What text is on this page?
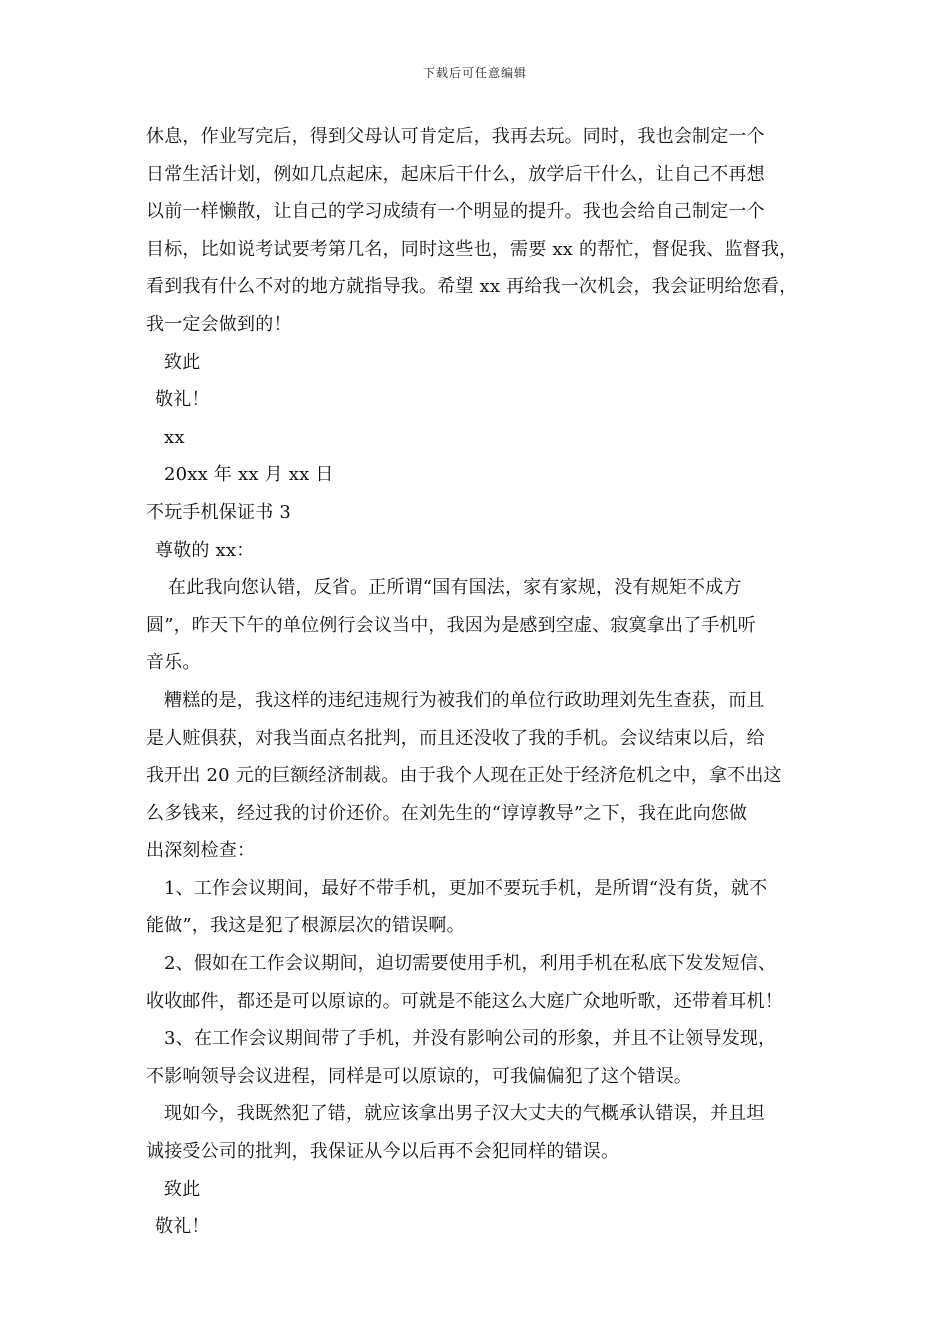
下载后可任意编辑
休息，作业写完后，得到父母认可肯定后，我再去玩。同时，我也会制定一个
日常生活计划，例如几点起床，起床后干什么，放学后干什么，让自己不再想
以前一样懒散，让自己的学习成绩有一个明显的提升。我也会给自己制定一个
目标，比如说考试要考第几名，同时这些也，需要 xx 的帮忙，督促我、监督我，
看到我有什么不对的地方就指导我。希望 xx 再给我一次机会，我会证明给您看，
我一定会做到的！
致此
敬礼！
xx
20xx 年 xx 月 xx 日
不玩手机保证书 3
尊敬的 xx：
在此我向您认错，反省。正所谓“国有国法，家有家规，没有规矩不成方
圆”，昨天下午的单位例行会议当中，我因为是感到空虚、寂寞拿出了手机听
音乐。
糟糕的是，我这样的违纪违规行为被我们的单位行政助理刘先生查获，而且
是人赃俱获，对我当面点名批判，而且还没收了我的手机。会议结束以后，给
我开出 20 元的巨额经济制裁。由于我个人现在正处于经济危机之中，拿不出这
么多钱来，经过我的讨价还价。在刘先生的“谆谆教导”之下，我在此向您做
出深刻检查：
1、工作会议期间，最好不带手机，更加不要玩手机，是所谓“没有货，就不
能做”，我这是犯了根源层次的错误啊。
2、假如在工作会议期间，迫切需要使用手机，利用手机在私底下发发短信、
收收邮件，都还是可以原谅的。可就是不能这么大庭广众地听歌，还带着耳机！
3、在工作会议期间带了手机，并没有影响公司的形象，并且不让领导发现，
不影响领导会议进程，同样是可以原谅的，可我偏偏犯了这个错误。
现如今，我既然犯了错，就应该拿出男子汉大丈夫的气概承认错误，并且坦
诚接受公司的批判，我保证从今以后再不会犯同样的错误。
致此
敬礼！
